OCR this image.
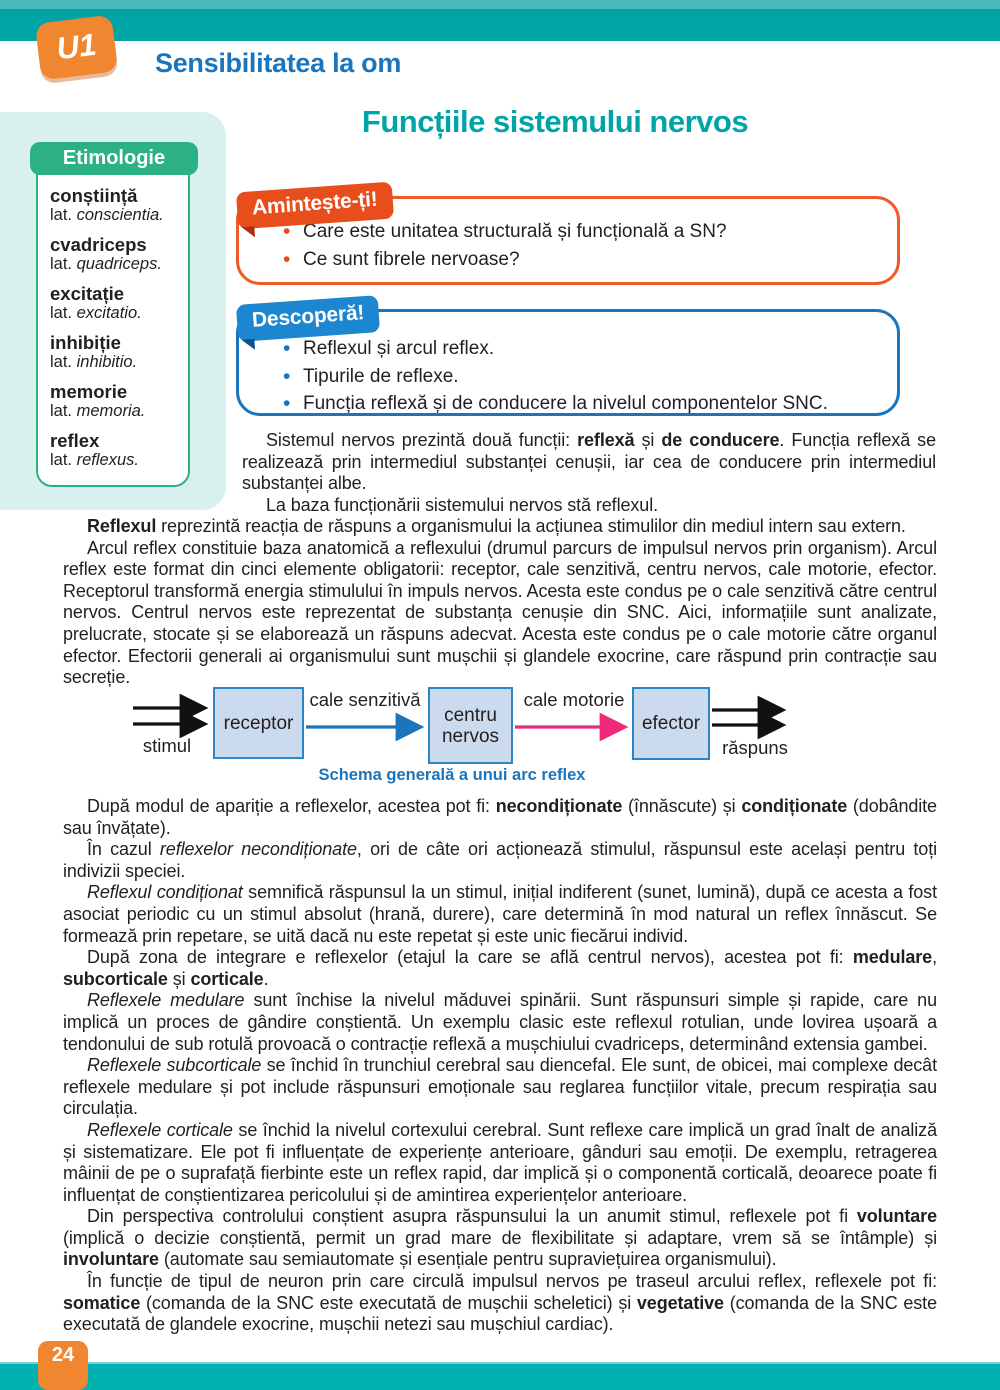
U1	Sensibilitatea la om
Funcțiile sistemului nervos
Etimologie
conștiință
lat. conscientia.
cvadriceps
lat. quadriceps.
excitație
lat. excitatio.
inhibiție
lat. inhibitio.
memorie
lat. memoria.
reflex
lat. reflexus.
Amintește-ți!
• Care este unitatea structurală și funcțională a SN?
• Ce sunt fibrele nervoase?
Descoperă!
• Reflexul și arcul reflex.
• Tipurile de reflexe.
• Funcția reflexă și de conducere la nivelul componentelor SNC.

Sistemul nervos prezintă două funcții: reflexă și de conducere. Funcția reflexă se realizează prin intermediul substanței cenușii, iar cea de conducere prin intermediul substanței albe.

La baza funcționării sistemului nervos stă reflexul.

Reflexul reprezintă reacția de răspuns a organismului la acțiunea stimulilor din mediul intern sau extern.

Arcul reflex constituie baza anatomică a reflexului (drumul parcurs de impulsul nervos prin organism). Arcul reflex este format din cinci elemente obligatorii: receptor, cale senzitivă, centru nervos, cale motorie, efector. Receptorul transformă energia stimulului în impuls nervos. Acesta este condus pe o cale senzitivă către centrul nervos. Centrul nervos este reprezentat de substanța cenușie din SNC. Aici, informațiile sunt analizate, prelucrate, stocate și se elaborează un răspuns adecvat. Acesta este condus pe o cale motorie către organul efector. Efectorii generali ai organismului sunt mușchii și glandele exocrine, care răspund prin contracție sau secreție.

receptor	centru nervos
efector
cale senzitivă	cale motorie
stimul	răspuns
Schema generală a unui arc reflex

După modul de apariție a reflexelor, acestea pot fi: necondiționate (înnăscute) și condiționate (dobândite sau învățate).

În cazul reflexelor necondiționate, ori de câte ori acționează stimulul, răspunsul este același pentru toți indivizii speciei.

Reflexul condiționat semnifică răspunsul la un stimul, inițial indiferent (sunet, lumină), după ce acesta a fost asociat periodic cu un stimul absolut (hrană, durere), care determină în mod natural un reflex înnăscut. Se formează prin repetare, se uită dacă nu este repetat și este unic fiecărui individ.

După zona de integrare e reflexelor (etajul la care se află centrul nervos), acestea pot fi: medulare, subcorticale și corticale.

Reflexele medulare sunt închise la nivelul măduvei spinării. Sunt răspunsuri simple și rapide, care nu implică un proces de gândire conștientă. Un exemplu clasic este reflexul rotulian, unde lovirea ușoară a tendonului de sub rotulă provoacă o contracție reflexă a mușchiului cvadriceps, determinând extensia gambei.

Reflexele subcorticale se închid în trunchiul cerebral sau diencefal. Ele sunt, de obicei, mai complexe decât reflexele medulare și pot include răspunsuri emoționale sau reglarea funcțiilor vitale, precum respirația sau circulația.

Reflexele corticale se închid la nivelul cortexului cerebral. Sunt reflexe care implică un grad înalt de analiză și sistematizare. Ele pot fi influențate de experiențe anterioare, gânduri sau emoții. De exemplu, retragerea mâinii de pe o suprafață fierbinte este un reflex rapid, dar implică și o componentă corticală, deoarece poate fi influențat de conștientizarea pericolului și de amintirea experiențelor anterioare.

Din perspectiva controlului conștient asupra răspunsului la un anumit stimul, reflexele pot fi voluntare (implică o decizie conștientă, permit un grad mare de flexibilitate și adaptare, vrem să se întâmple) și involuntare (automate sau semiautomate și esențiale pentru supraviețuirea organismului).

În funcție de tipul de neuron prin care circulă impulsul nervos pe traseul arcului reflex, reflexele pot fi: somatice (comanda de la SNC este executată de mușchii scheletici) și vegetative (comanda de la SNC este executată de glandele exocrine, mușchii netezi sau mușchiul cardiac).

24
